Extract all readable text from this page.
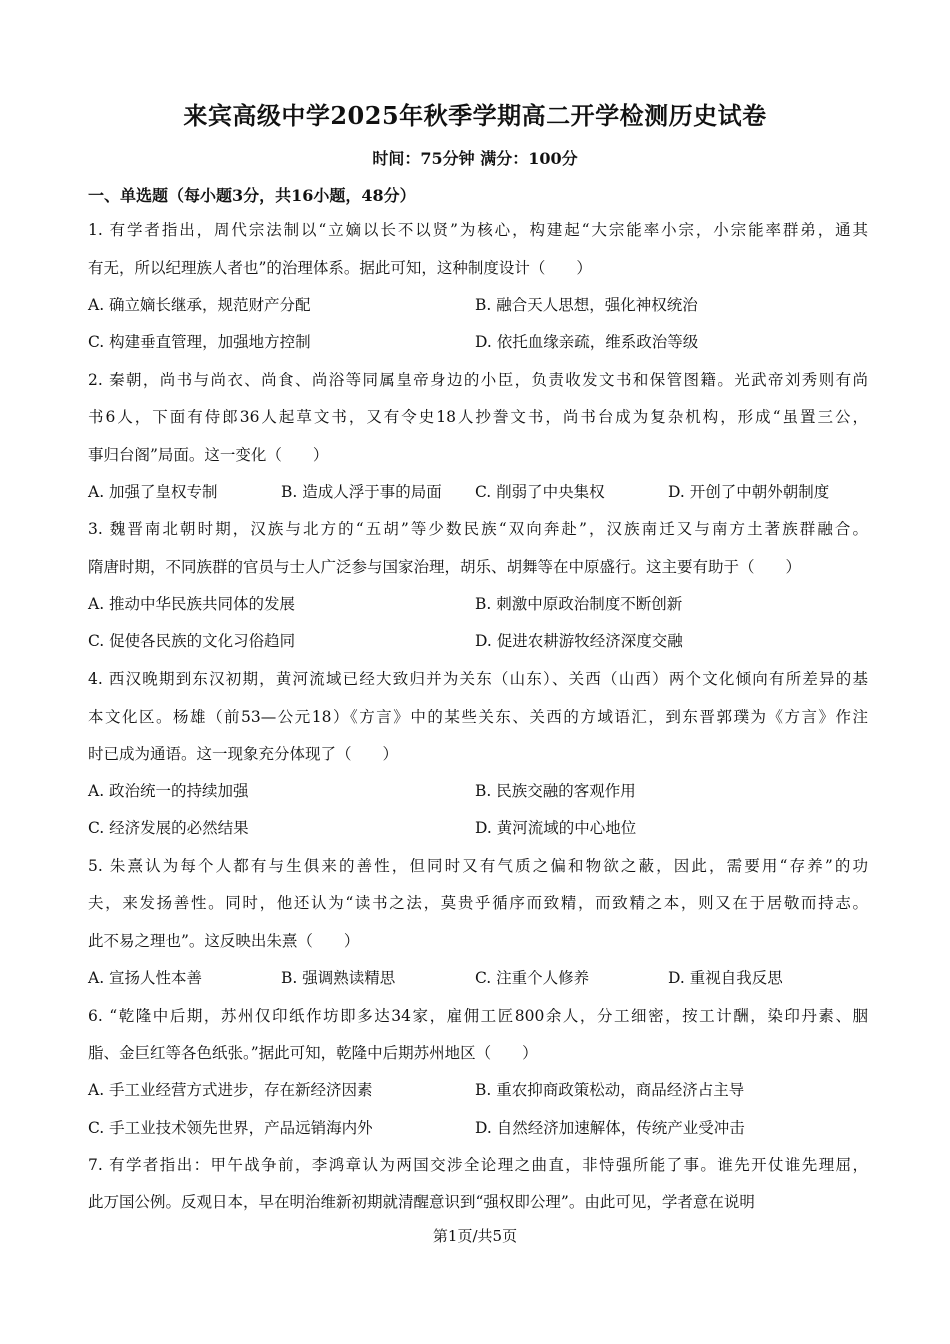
来宾高级中学2025年秋季学期高二开学检测历史试卷
时间：75分钟 满分：100分
一、单选题（每小题3分，共16小题，48分）
1. 有学者指出，周代宗法制以“立嫡以长不以贤”为核心，构建起“大宗能率小宗，小宗能率群弟，通其
有无，所以纪理族人者也”的治理体系。据此可知，这种制度设计（　　）
A. 确立嫡长继承，规范财产分配	B. 融合天人思想，强化神权统治
C. 构建垂直管理，加强地方控制	D. 依托血缘亲疏，维系政治等级
2. 秦朝，尚书与尚衣、尚食、尚浴等同属皇帝身边的小臣，负责收发文书和保管图籍。光武帝刘秀则有尚
书6人，下面有侍郎36人起草文书，又有令史18人抄誊文书，尚书台成为复杂机构，形成“虽置三公，
事归台阁”局面。这一变化（　　）
A. 加强了皇权专制	B. 造成人浮于事的局面 C. 削弱了中央集权	D. 开创了中朝外朝制度
3. 魏晋南北朝时期，汉族与北方的“五胡”等少数民族“双向奔赴”，汉族南迁又与南方土著族群融合。
隋唐时期，不同族群的官员与士人广泛参与国家治理，胡乐、胡舞等在中原盛行。这主要有助于（　　）
A. 推动中华民族共同体的发展	B. 刺激中原政治制度不断创新
C. 促使各民族的文化习俗趋同	D. 促进农耕游牧经济深度交融
4. 西汉晚期到东汉初期，黄河流域已经大致归并为关东（山东）、关西（山西）两个文化倾向有所差异的基
本文化区。杨雄（前53—公元18）《方言》中的某些关东、关西的方域语汇，到东晋郭璞为《方言》作注
时已成为通语。这一现象充分体现了（　　）
A. 政治统一的持续加强	B. 民族交融的客观作用
C. 经济发展的必然结果	D. 黄河流域的中心地位
5. 朱熹认为每个人都有与生俱来的善性，但同时又有气质之偏和物欲之蔽，因此，需要用“存养”的功
夫，来发扬善性。同时，他还认为“读书之法，莫贵乎循序而致精，而致精之本，则又在于居敬而持志。
此不易之理也”。这反映出朱熹（　　）
A. 宣扬人性本善	B. 强调熟读精思	C. 注重个人修养	D. 重视自我反思
6. “乾隆中后期，苏州仅印纸作坊即多达34家，雇佣工匠800余人，分工细密，按工计酬，染印丹素、胭
脂、金巨红等各色纸张。”据此可知，乾隆中后期苏州地区（　　）
A. 手工业经营方式进步，存在新经济因素	B. 重农抑商政策松动，商品经济占主导
C. 手工业技术领先世界，产品远销海内外	D. 自然经济加速解体，传统产业受冲击
7. 有学者指出：甲午战争前，李鸿章认为两国交涉全论理之曲直，非恃强所能了事。谁先开仗谁先理屈，
此万国公例。反观日本，早在明治维新初期就清醒意识到“强权即公理”。由此可见，学者意在说明
第1页/共5页
